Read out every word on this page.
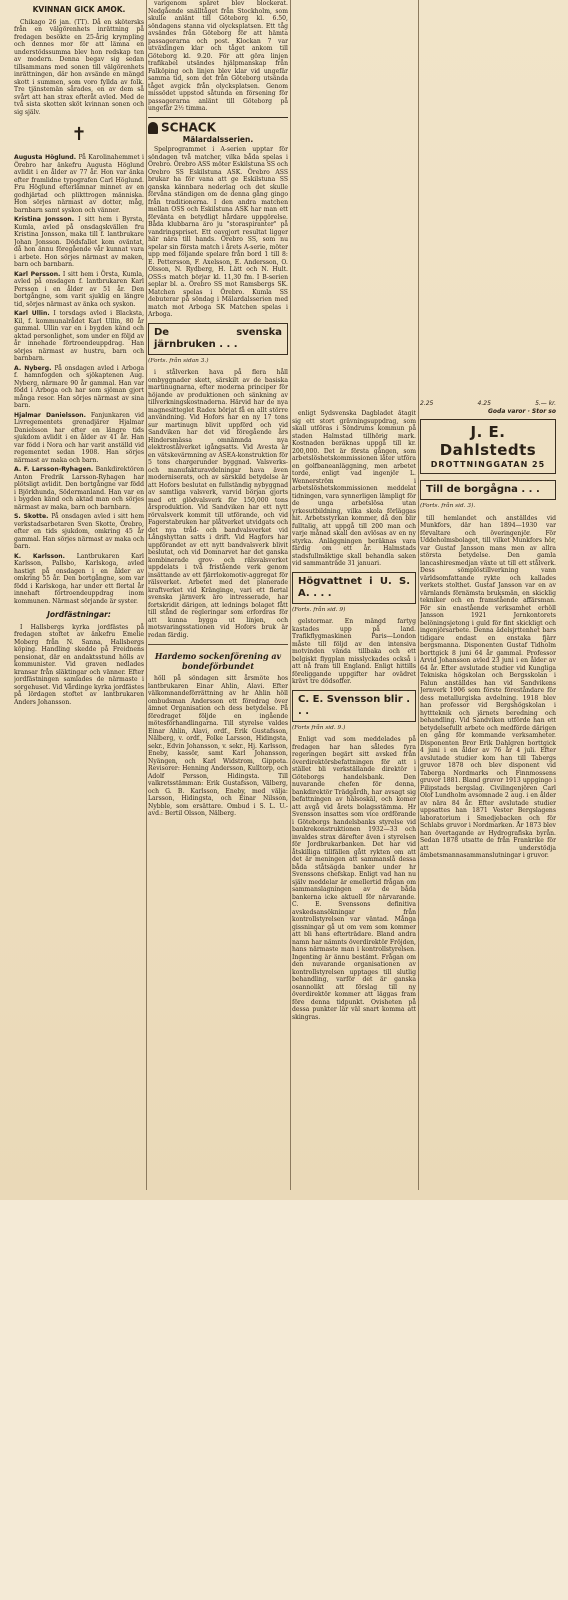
KVINNAN GICK AMOK.

Chikago 26 jan. (TT). Då en skötersks från en välgörenhets inrättning på fredagen besökte en 25-årig krympling och dennes mor för att lämna en understödssumma blev hon redskap ten av modern. Denna begav sig sedan tillsammans med sonen till välgörenhets inrättningen, där hon avsände en mängd skott i summen, som voro fyllda av folk. Tre tjänstemän sårades, en av dem så svårt att han strax efteråt avled. Med de två sista skotten sköt kvinnan sonen och sig själv.

✝

Augusta Höglund. På Karolinahemmet i Örebro har änkefru Augusta Höglund avlidit i en ålder av 77 år. Hon var änka efter framlidne typografen Carl Höglund. Fru Höglund efterlämnar minnet av en godhjärtad och plikttrogen människa. Hon sörjes närmast av dotter, måg, barnbarn samt syskon och vänner.

Kristina Jonsson. I sitt hem i Byrsta, Kumla, avled på onsdagskvällen fru Kristina Jonsson, maka till f. lantbrukare Johan Jonsson. Dödsfallet kom oväntat, då hon ännu föregående vår kunnat vara i arbete. Hon sörjes närmast av maken, barn och barnbarn.

Karl Persson. I sitt hem i Örsta, Kumla, avled på onsdagen f. lantbrukaren Karl Persson i en ålder av 51 år. Den bortgångne, som varit sjuklig en längre tid, sörjes närmast av änka och syskon.

Karl Ullin. I torsdags avled i Blacksta, Kil, f. kommunalrådet Karl Ullin, 80 år gammal. Ullin var en i bygden känd och aktad personlighet, som under en följd av år innehade förtroendeuppdrag. Han sörjes närmast av hustru, barn och barnbarn.

A. Nyberg. På onsdagen avled i Arboga f. hamnfogden och sjökaptenen Aug. Nyberg, närmare 90 år gammal. Han var född i Arboga och har som sjöman gjort många resor. Han sörjes närmast av sina barn.

Hjalmar Danielsson. Fanjunkaren vid Livregementets grenadjärer Hjalmar Danielsson har efter en längre tids sjukdom avlidit i en ålder av 41 år. Han var född i Nora och har varit anställd vid regementet sedan 1908. Han sörjes närmast av maka och barn.

A. F. Larsson-Ryhagen. Bankdirektören Anton Fredrik Larsson-Ryhagen har plötsligt avlidit. Den bortgångne var född i Björkhunda, Södermanland. Han var en i bygden känd och aktad man och sörjes närmast av maka, barn och barnbarn.

S. Skotte. På onsdagen avled i sitt hem verkstadsarbetaren Sven Skotte, Örebro, efter en tids sjukdom, omkring 45 år gammal. Han sörjes närmast av maka och barn.

K. Karlsson. Lantbrukaren Karl Karlsson, Pallsbo, Karlskoga, avled hastigt på onsdagen i en ålder av omkring 55 år. Den bortgångne, som var född i Karlskoga, har under ett flertal år innehaft förtroendeuppdrag inom kommunen. Närmast sörjande är syster.

Jordfästningar:

I Hallsbergs kyrka jordfästes på fredagen stoftet av änkefru Emelie Moberg från N. Sanna, Hallsbergs köping. Handling skedde på Freidnens pensionat, där en andaktsstund hölls av kommunister. Vid graven nedlades kransar från släktingar och vänner. Efter jordfästningen samlades de närmaste i sorgehuset. Vid Vårdinge kyrka jordfästes på lördagen stoftet av lantbrukaren Anders Johansson.

varigenom spåret blev blockerat. Nedgående snälltåget från Stockholm, som skulle anlänt till Göteborg kl. 6.50, söndagens stanna vid olycksplatsen. Ett tåg avsändes från Göteborg för att hämta passagerarna och post. Klockan 7 var utväxlingen klar och tåget ankom till Göteborg kl. 9.20. För att göra linjen trafikabel utsändes hjälpmanskap från Falköping och linjen blev klar vid ungefär samma tid, som det från Göteborg utsända tåget avgick från olycksplatsen. Genom missödet uppstod såtunda en försening för passagerarna anlänt till Göteborg på ungefär 2½ timma.

SCHACK
Mälardalsserien.

Spelprogrammet i A-serien upptar för söndagen två matcher, vilka båda spelas i Örebro. Örebro ASS möter Eskilstuna SS och Orebro SS Eskilstuna ASK. Örebro ASS brukar ha för vana att ge Eskilstuna SS ganska kännbara nederlag och det skulle förvåna ständigen om de denna gång gingo från traditionerna. I den andra matchen mellan OSS och Eskilstuna ASK har man ett förvänta en betydligt hårdare uppgörelse. Båda klubbarna äro ju "storaspiranter" på vandringspriset. Ett oavgjort resultat ligger här nära till hands. Örebro SS, som nu spelar sin första match i årets A-serie, möter upp med följande spelare från bord 1 till 8: E. Pettersson, F. Axelsson, E. Andersson, O. Olsson, N. Rydberg, H. Lätt och N. Hult. OSS:s match börjar kl. 11,30 fm. I B-serien seplar bl. a. Örebro SS mot Ramsbergs SK. Matchen spelas i Örebro. Kumla SS debuterar på söndag i Mälardalsserien med match mot Arboga SK Matchen spelas i Arboga.

De svenska järnbruken . . .
(Forts. från sidan 3.)

i stålverken hava på flera håll ombyggnader skett, särskilt av de basiska martinugnarna, efter moderna principer för höjande av produktionen och sänkning av tillverkningskostnaderna. Härvid har de nya magnesitteglet Radex börjat få en allt större användning. Vid Hofors har en ny 17 tons sur martinugn blivit uppförd och vid Sandviken har det vid föregående års Hindersmässa omnämnda nya elektrostålverket igångsatts. Vid Avesta är en vätskevärmning av ASEA-konstruktion för 5 tons chargerunder byggnad. Valsverks- och manufakturavdelningar hava även moderniserats, och av särskild betydelse är att Hofors beslutat en fullständig nybyggnad av samtliga valsverk, varvid början gjorts med ett glödvalsverk för 150,000 tons årsproduktion. Vid Sandviken har ett nytt rörvalsverk kommit till utförande, och vid Fagerstabruken har plåtverket utvidgats och det nya tråd- och bandvalsverket vid Långshyttan satts i drift. Vid Hagfors har uppförandet av ett nytt bandvalsverk blivit beslutat, och vid Domnarvet har det ganska kombinerade grov- och rälsvalsverket uppdelats i två fristående verk genom insättande av ett fjärrlokomotiv-aggregat för rälsverket. Arbetet med det planerade kraftverket vid Kränginge, vari ett flertal svenska järnverk äro intresserade, har fortskridit därigen, att lednings bolaget fått till stånd de regleringar som erfordras för att kunna bygga ut linjen, och motsvaringsstationen vid Hofors bruk är redan färdig.

Hardemo sockenförening av bondeförbundet

höll på söndagen sitt årsmöte hos lantbrukaren Einar Ahlin, Alavi. Efter välkomnandeförrättning av hr Ahlin höll ombudsman Andersson ett föredrag över ämnet Organisation och dess betydelse. På föredraget följde en ingående mötesförhandlingarna. Till styrelse valdes Einar Ahlin, Alavi, ordf., Erik Gustafsson, Nälberg, v. ordf., Folke Larsson, Hidingsta, sekr., Edvin Johansson, v. sekr., Hj. Karlsson, Eneby, kassör, samt Karl Johansson, Nyängen, och Karl Widstrom, Gippeta. Revisorer: Henning Andersson, Kulltorp, och Adolf Persson, Hidingsta. Till valkretsstämman: Erik Gustafsson, Välberg, och G. B. Karlsson, Eneby, med välja: Larsson, Hidingsta, och Einar Nilsson, Nybble, som ersättare. Ombud i S. L. U.-avd.: Bertil Olsson, Nälberg.

enligt Sydsvenska Dagbladet åtagit sig ett stort grävningsuppdrag, som skall utföras i Söndrums kommun på staden Halmstad tillhörig mark. Kostnaden beräknas uppgå till kr. 200,000. Det är första gången, som arbetslöshetskommissionen låter utföra en golfbaneanläggning, men arbetet torde, enligt vad ingenjör L. Wennerström i arbetslöshetskommissionen meddelat tidningen, vara synnerligen lämpligt för de unga arbetslösa utan yrkesutbildning, vilka skola förläggas hit. Arbetsstyrkan kommer, då den blir fulltalig, att uppgå till 200 man och varje månad skall den avlösas av en ny styrka. Anläggningen beräknas vara färdig om ett år. Halmstads stadsfullmäktige skall behandla saken vid sammanträde 31 januari.

Högvattnet i U. S. A. . . .
(Forts. från sid. 9)

gelstormar. En mängd fartyg kastades upp på land. Trafikflygmaskinen Paris—London måste till följd av den intensiva motvinden vända tillbaka och ett belgiskt flygplan misslyckades också i att nå fram till England. Enligt hittills föreliggande uppgifter har ovädret krävt tre dödsoffer.

C. E. Svensson blir . . .
(Forts från sid. 9.)

Enligt vad som meddelades på fredagen har han således fyra regeringen begärt sitt avsked från överdirektörsbefattningen för att i stället bli verkställande direktör i Göteborgs handelsbank. Den nuvarande chefen för denna, bankdirektör Trädgårdh, har avsagt sig befattningen av hälsoskäl, och komer att avgå vid årets bolagsstämma. Hr Svensson insattes som vice ordförande i Göteborgs handelsbanks styrelse vid bankrekonstruktionen 1932—33 och invaldes strax därefter även i styrelsen för Jordbrukarbanken. Det har vid åtskilliga tillfällen gått rykten om att det är meningen att sammanslå dessa båda ståtsägda banker under hr Svenssons chefskap. Enligt vad han nu själv meddelar är emellertid frågan om sammanslagningen av de båda bankerna icke aktuell för närvarande. C. E. Svenssons definitiva avskedsansökningar från kontrollstyrelsen var väntad. Många gissningar gå ut om vem som kommer att bli hans efterträdare. Bland andra namn har nämnts överdirektör Fröjden, hans närmaste man i kontrollstyrelsen. Ingenting är ännu bestämt. Frågan om den nuvarande organisationen av kontrollstyrelsen upptages till slutlig behandling, varför det är ganska osannolikt att förslag till ny överdirektör kommer att läggas fram före denna tidpunkt. Ovisheten på dessa punkter lär väl snart komma att skingras.

2.25	4.25	5.— kr.
Goda varor · Stor so
J. E. Dahlstedts
DROTTNINGGATAN 25
Till de borgågna . . .
(Forts. från sid. 3).

till hemlandet och anställdes vid Munkfors, där han 1894—1930 var förvaltare och överingenjör. För Uddeholmsbolaget, till vilket Munkfors hör, var Gustaf Jansson mans men av allra största betydelse. Den gamla lancashiresmedjan växte ut till ett stålverk. Dess sömplöstillverkning vann världsomfattande rykte och kallades verkets stolthet. Gustaf Jansson var en av värnlands förnämsta bruksmän, en skicklig tekniker och en framstående affärsman. För sin enastående verksamhet erhöll Jansson 1921 Jernkontorets belöningsjetong i guld för fint skickligt och ingenjörsarbete. Denna ädelsjrttenhet bars tidigare endast en enstaka fjärr bergsmanna. Disponenten Gustaf Tidholm borttgick 8 juni 64 år gammal. Professor Arvid Johansson avled 23 juni i en ålder av 64 år. Efter avslutade studier vid Kungliga Tekniska högskolan och Bergsskolan i Falun anställdes han vid Sandvikens Jernverk 1906 som förste föreståndare för dess metallurgiska avdelning. 1918 blev han professor vid Bergshögskolan i hyttteknik och järnets beredning och behandling. Vid Sandviken utförde han ett betydelsefullt arbete och medförde därigen en gång för kommande verksamheter. Disponenten Bror Erik Dahlgren borttgick 4 juni i en ålder av 76 år 4 juli. Efter avslutade studier kom han till Tabergs gruvor 1878 och blev disponent vid Taberga Nordmarks och Finnmossens gruvor 1881. Bland gruvor 1913 uppgingo i Filipstads bergslag. Civilingenjören Carl Olof Lundholm avsomnade 2 aug. i en ålder av nära 84 år. Efter avslutade studier uppsattes han 1871 Vester Bergslagens laboratorium i Smedjebacken och för Schlabs gruvor i Nordmarken. År 1873 blev han övertagande av Hydrografiska byrån. Sedan 1878 utsatte de från Frankrike för att understödja ämbetsmannasammanslutningar i gruvor.
